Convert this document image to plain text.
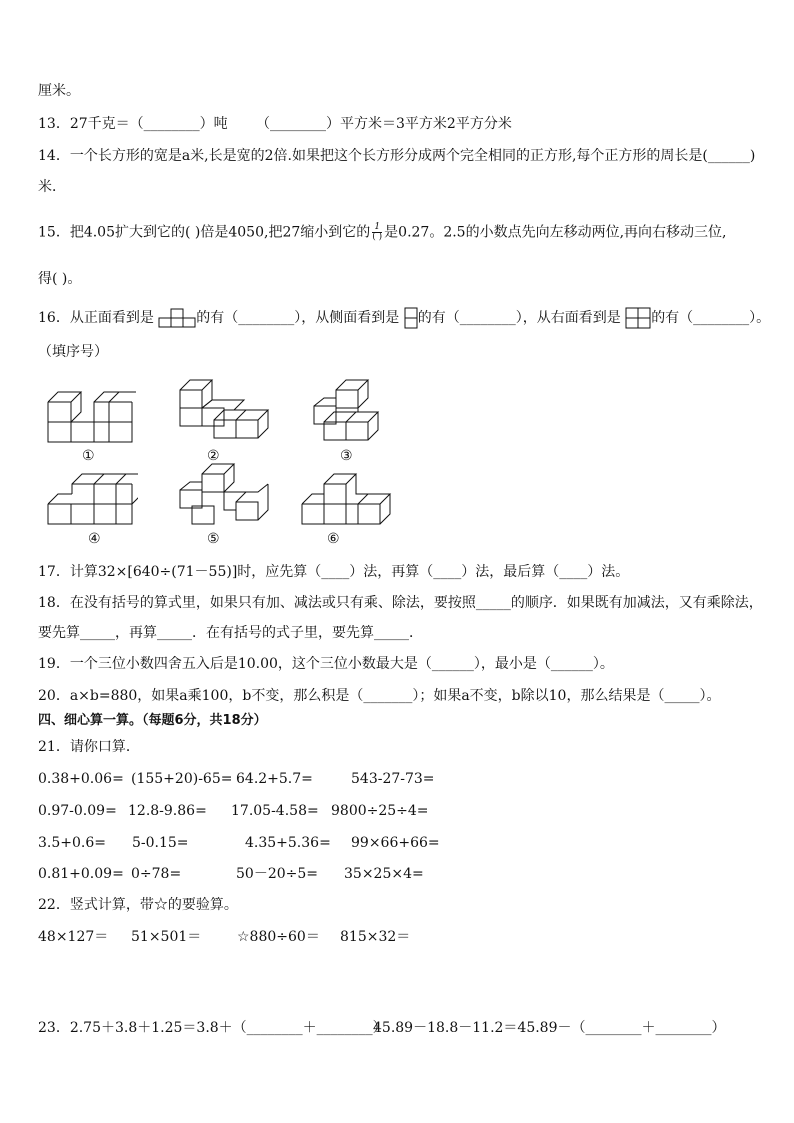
厘米。
13．27千克＝（________）吨 （________）平方米＝3平方米2平方分米
14．一个长方形的宽是a米,长是宽的2倍.如果把这个长方形分成两个完全相同的正方形,每个正方形的周长是(______)
米．
15．把4.05扩大到它的( )倍是4050,把27缩小到它的 $\frac{1}{( )}$ 是0.27。2.5的小数点先向左移动两位,再向右移动三位,
得( )。
16．从正面看到是	的有（________），从侧面看到是 的有（________），从右面看到是 的有（________）。
（填序号）
①	②	③
④	⑤	⑥
17．计算32×[640÷(71－55)]时，应先算（____）法，再算（____）法，最后算（____）法。
18．在没有括号的算式里，如果只有加、减法或只有乘、除法，要按照_____的顺序．如果既有加减法，又有乘除法，
要先算_____，再算_____．在有括号的式子里，要先算_____．
19．一个三位小数四舍五入后是10.00，这个三位小数最大是（______），最小是（______）。
20．a×b=880，如果a乘100，b不变，那么积是（_______）；如果a不变，b除以10，那么结果是（_____）。
四、细心算一算。（每题6分，共18分）
21．请你口算．
0.38+0.06= (155+20)-65= 64.2+5.7=	543-27-73=
0.97-0.09= 12.8-9.86= 17.05-4.58= 9800÷25÷4=
3.5+0.6= 5-0.15=	4.35+5.36= 99×66+66=
0.81+0.09= 0÷78=	50－20÷5= 35×25×4=
22．竖式计算，带☆的要验算。
48×127＝ 51×501＝	☆880÷60＝ 815×32＝
23．2.75＋3.8＋1.25＝3.8＋（________＋________）
45.89－18.8－11.2＝45.89－（________＋________）
